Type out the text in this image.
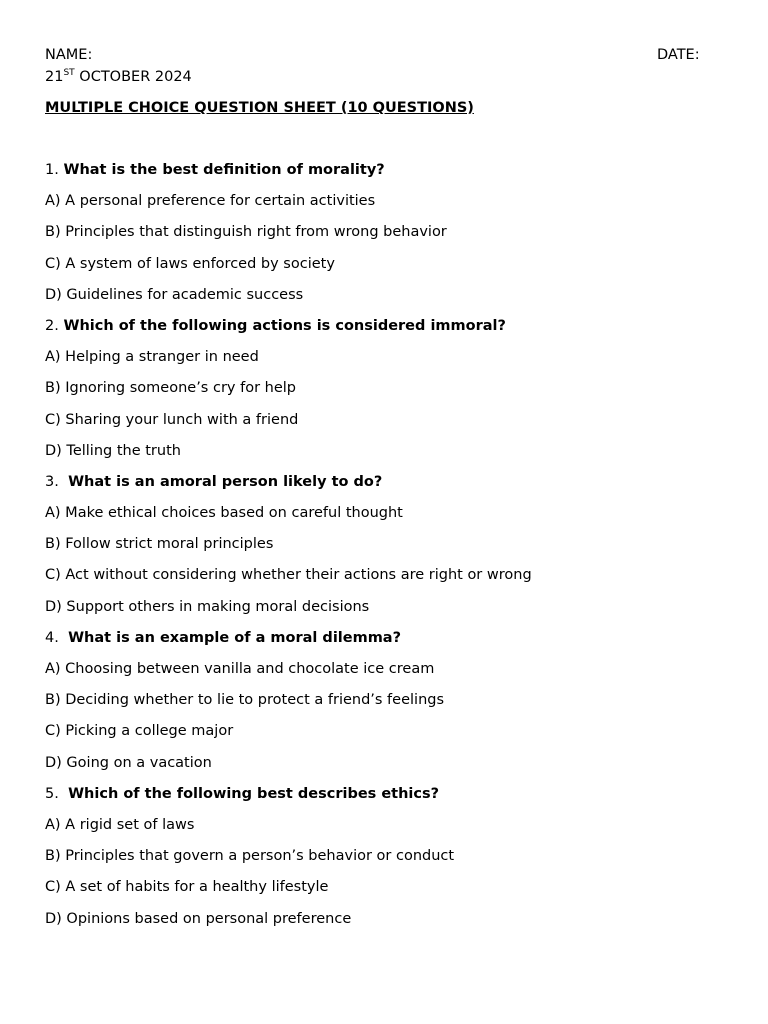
NAME:	DATE:
21ST OCTOBER 2024
MULTIPLE CHOICE QUESTION SHEET (10 QUESTIONS)
1. What is the best definition of morality?
A) A personal preference for certain activities
B) Principles that distinguish right from wrong behavior
C) A system of laws enforced by society
D) Guidelines for academic success
2. Which of the following actions is considered immoral?
A) Helping a stranger in need
B) Ignoring someone’s cry for help
C) Sharing your lunch with a friend
D) Telling the truth
3.  What is an amoral person likely to do?
A) Make ethical choices based on careful thought
B) Follow strict moral principles
C) Act without considering whether their actions are right or wrong
D) Support others in making moral decisions
4.  What is an example of a moral dilemma?
A) Choosing between vanilla and chocolate ice cream
B) Deciding whether to lie to protect a friend’s feelings
C) Picking a college major
D) Going on a vacation
5.  Which of the following best describes ethics?
A) A rigid set of laws
B) Principles that govern a person’s behavior or conduct
C) A set of habits for a healthy lifestyle
D) Opinions based on personal preference
